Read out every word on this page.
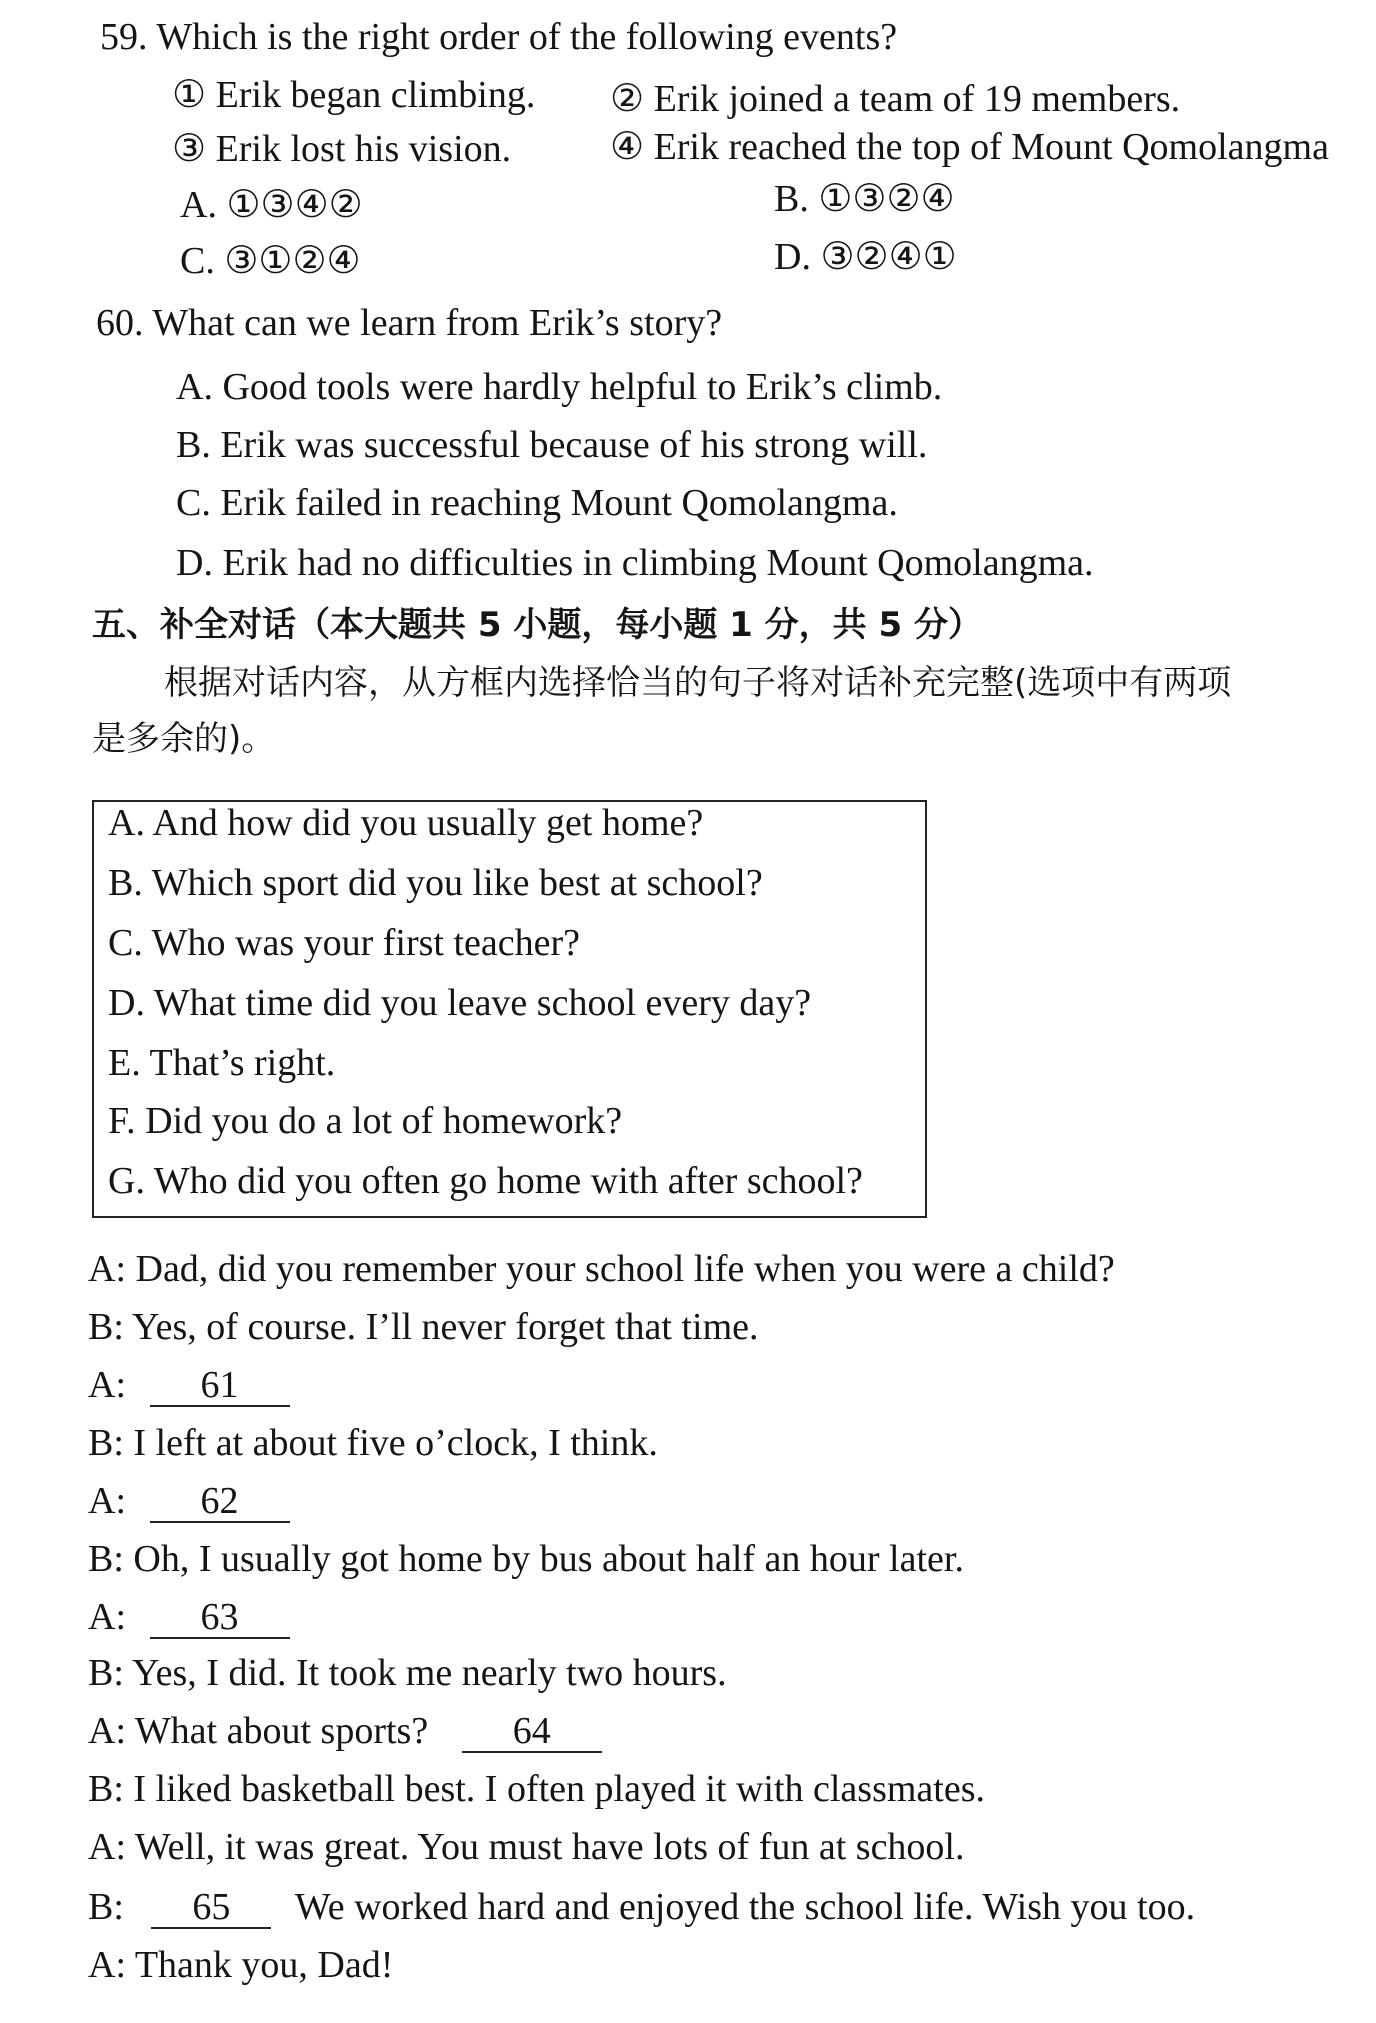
59. Which is the right order of the following events?
① Erik began climbing. ② Erik joined a team of 19 members.
③ Erik lost his vision.	④ Erik reached the top of Mount Qomolangma
A. ①③④②	B. ①③②④
C. ③①②④	D. ③②④①
60. What can we learn from Erik’s story?
A. Good tools were hardly helpful to Erik’s climb.
B. Erik was successful because of his strong will.
C. Erik failed in reaching Mount Qomolangma.
D. Erik had no difficulties in climbing Mount Qomolangma.
五、补全对话（本大题共 5 小题，每小题 1 分，共 5 分）
根据对话内容，从方框内选择恰当的句子将对话补充完整(选项中有两项
是多余的)。
A. And how did you usually get home?
B. Which sport did you like best at school?
C. Who was your first teacher?
D. What time did you leave school every day?
E. That’s right.
F. Did you do a lot of homework?
G. Who did you often go home with after school?
A: Dad, did you remember your school life when you were a child?
B: Yes, of course. I’ll never forget that time.
A: 61
B: I left at about five o’clock, I think.
A: 62
B: Oh, I usually got home by bus about half an hour later.
A: 63
B: Yes, I did. It took me nearly two hours.
A: What about sports? 64
B: I liked basketball best. I often played it with classmates.
A: Well, it was great. You must have lots of fun at school.
B: 65 We worked hard and enjoyed the school life. Wish you too.
A: Thank you, Dad!
